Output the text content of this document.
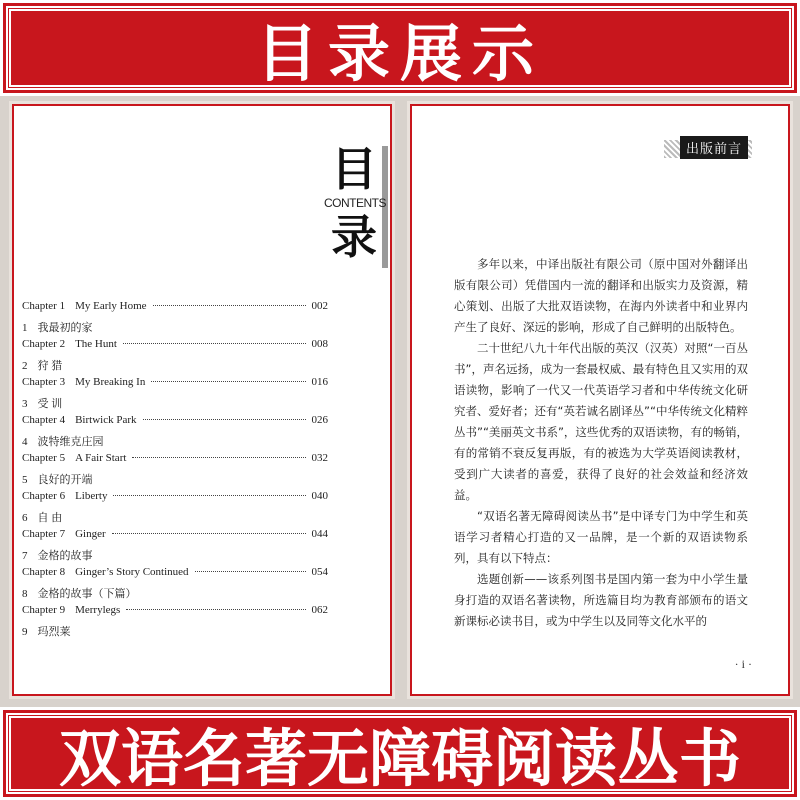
目录展示
目
CONTENTS
录
Chapter 1 My Early Home	002
1 我最初的家
Chapter 2 The Hunt	008
2 狩 猎
Chapter 3 My Breaking In	016
3 受 训
Chapter 4 Birtwick Park	026
4 波特维克庄园
Chapter 5 A Fair Start	032
5 良好的开端
Chapter 6 Liberty	040
6 自 由
Chapter 7 Ginger	044
7 金格的故事
Chapter 8 Ginger’s Story Continued	054
8 金格的故事（下篇）
Chapter 9 Merrylegs	062
9 玛烈莱
出版前言

多年以来，中译出版社有限公司（原中国对外翻译出版有限公司）凭借国内一流的翻译和出版实力及资源，精心策划、出版了大批双语读物，在海内外读者中和业界内产生了良好、深远的影响，形成了自己鲜明的出版特色。

二十世纪八九十年代出版的英汉（汉英）对照“一百丛书”，声名远扬，成为一套最权威、最有特色且又实用的双语读物，影响了一代又一代英语学习者和中华传统文化研究者、爱好者；还有“英若诚名剧译丛”“中华传统文化精粹丛书”“美丽英文书系”，这些优秀的双语读物，有的畅销，有的常销不衰反复再版，有的被选为大学英语阅读教材，受到广大读者的喜爱，获得了良好的社会效益和经济效益。

“双语名著无障碍阅读丛书”是中译专门为中学生和英语学习者精心打造的又一品牌，是一个新的双语读物系列，具有以下特点：

选题创新——该系列图书是国内第一套为中小学生量身打造的双语名著读物，所选篇目均为教育部颁布的语文新课标必读书目，或为中学生以及同等文化水平的

· i ·
双语名著无障碍阅读丛书
